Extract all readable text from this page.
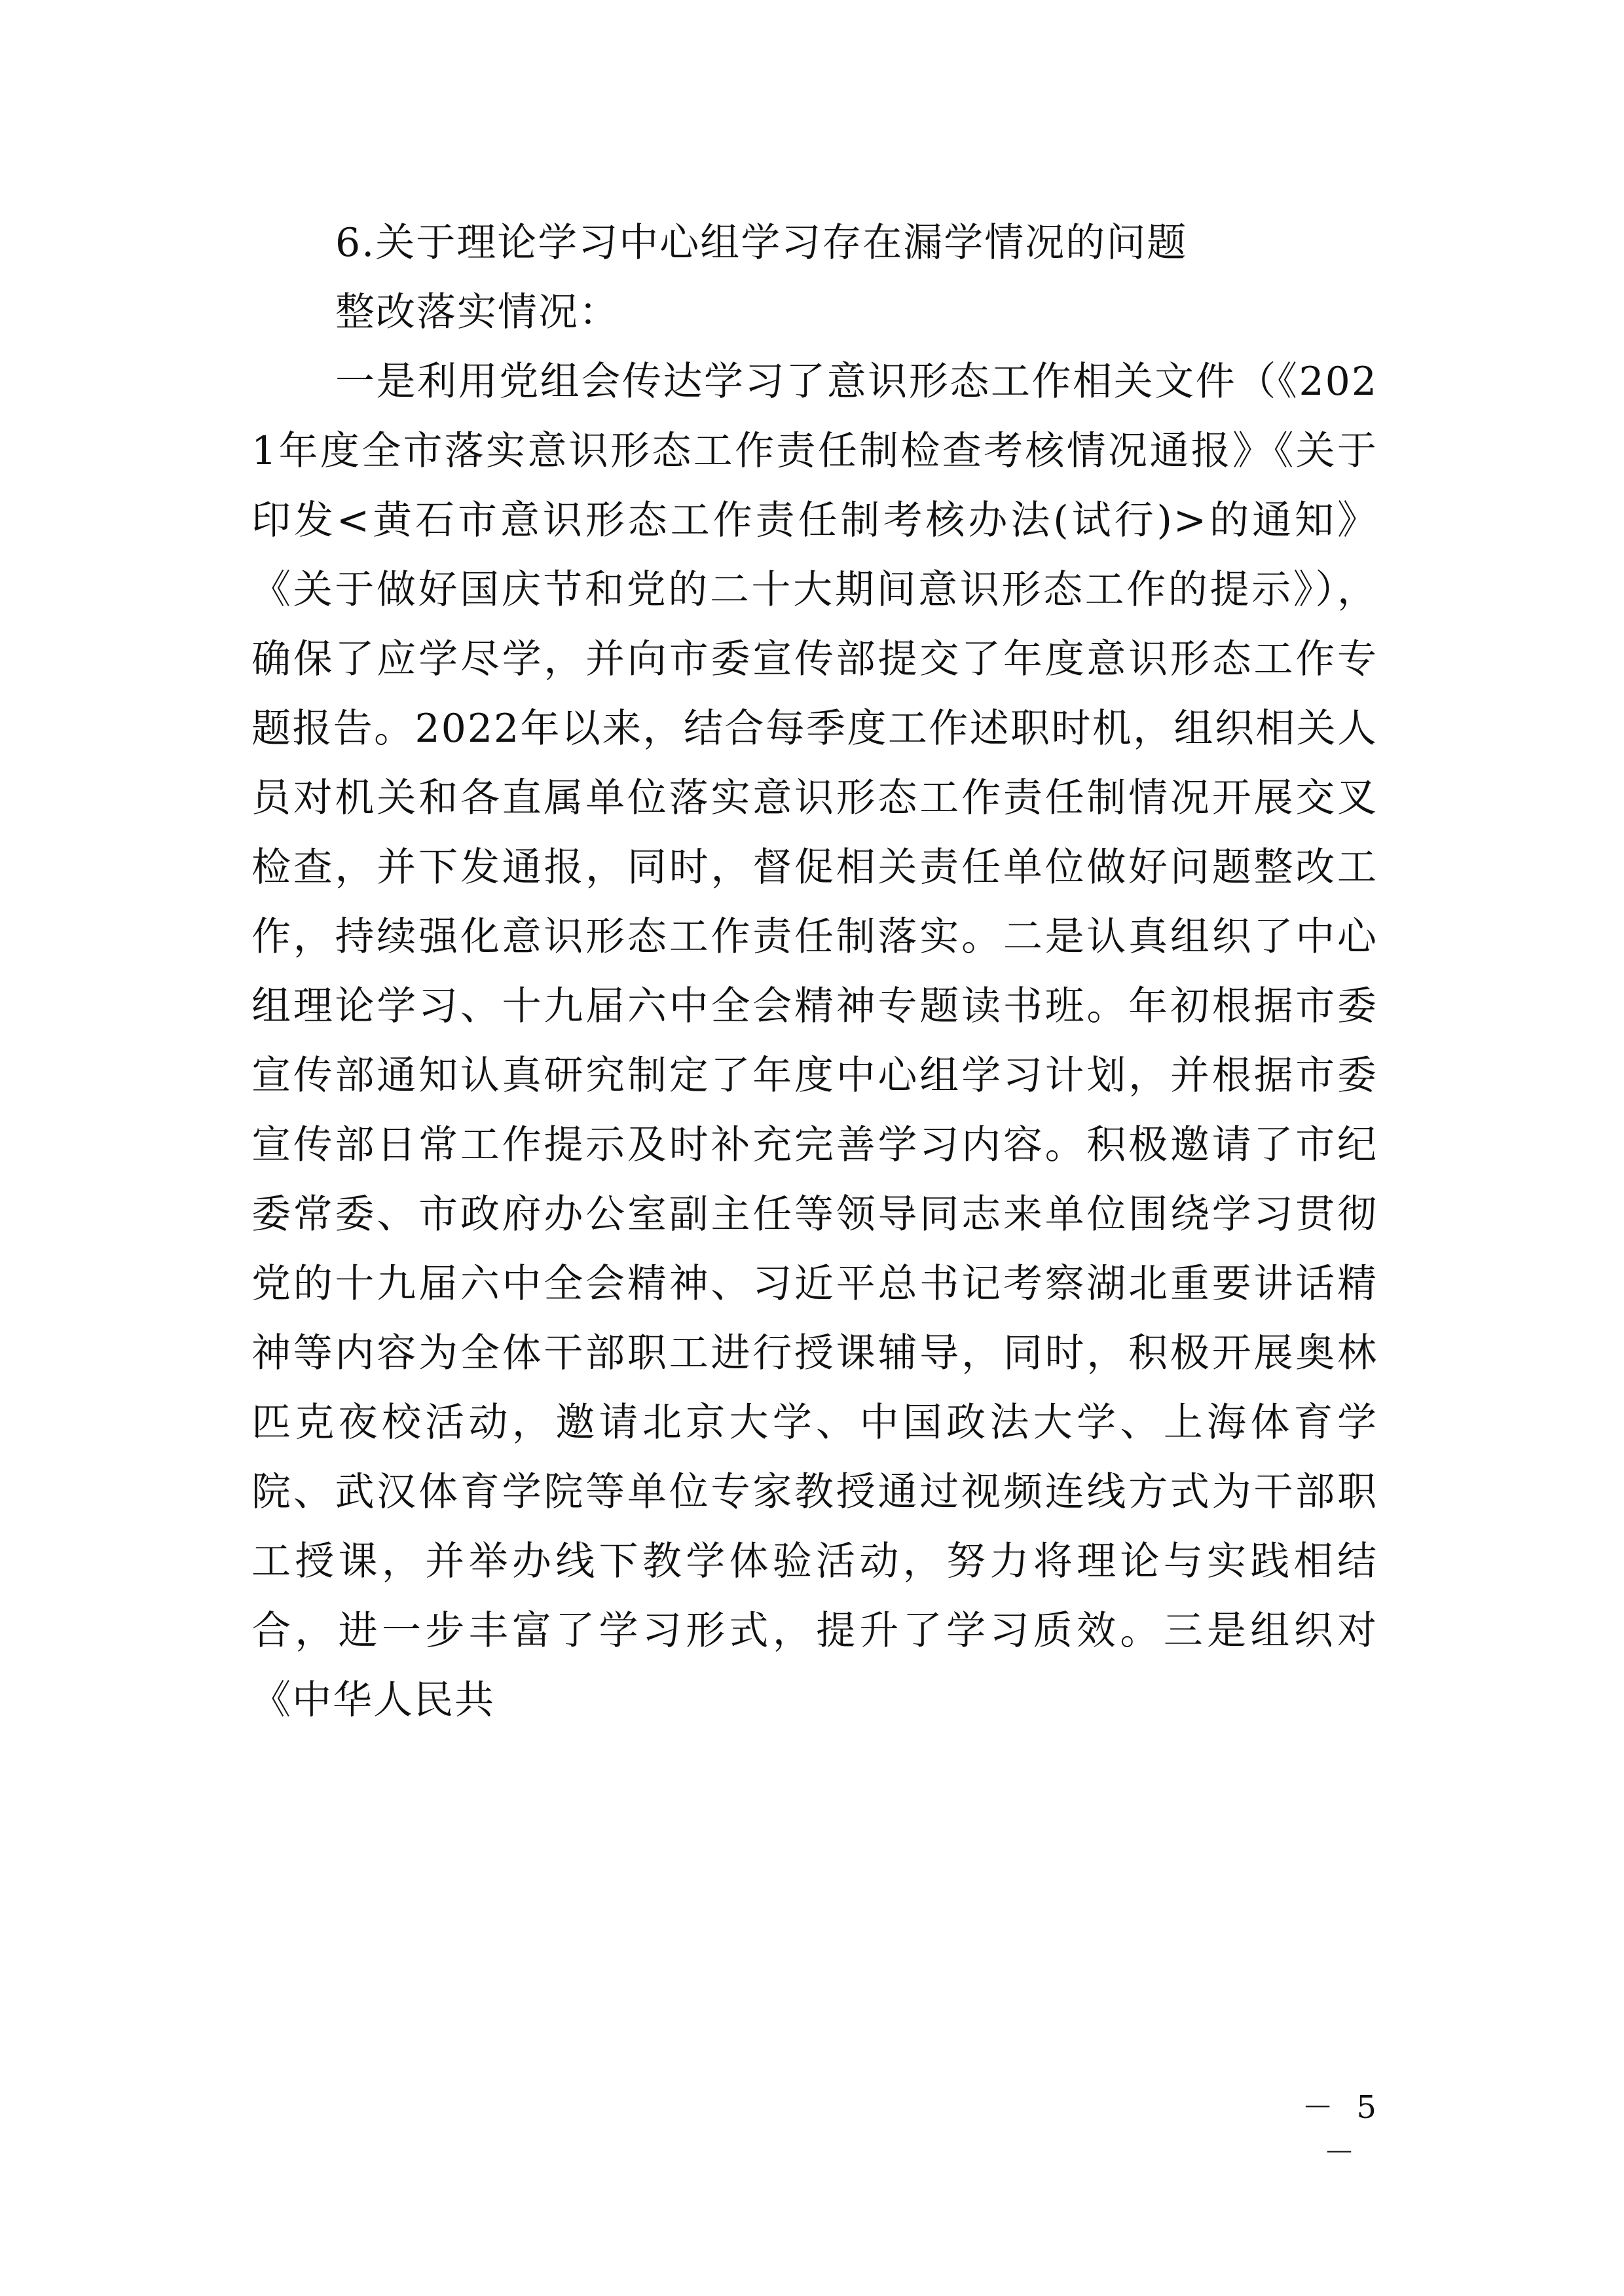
6.关于理论学习中心组学习存在漏学情况的问题

整改落实情况：

一是利用党组会传达学习了意识形态工作相关文件（《2021年度全市落实意识形态工作责任制检查考核情况通报》《关于印发<黄石市意识形态工作责任制考核办法(试行)>的通知》《关于做好国庆节和党的二十大期间意识形态工作的提示》），确保了应学尽学，并向市委宣传部提交了年度意识形态工作专题报告。2022年以来，结合每季度工作述职时机，组织相关人员对机关和各直属单位落实意识形态工作责任制情况开展交叉检查，并下发通报，同时，督促相关责任单位做好问题整改工作，持续强化意识形态工作责任制落实。二是认真组织了中心组理论学习、十九届六中全会精神专题读书班。年初根据市委宣传部通知认真研究制定了年度中心组学习计划，并根据市委宣传部日常工作提示及时补充完善学习内容。积极邀请了市纪委常委、市政府办公室副主任等领导同志来单位围绕学习贯彻党的十九届六中全会精神、习近平总书记考察湖北重要讲话精神等内容为全体干部职工进行授课辅导，同时，积极开展奥林匹克夜校活动，邀请北京大学、中国政法大学、上海体育学院、武汉体育学院等单位专家教授通过视频连线方式为干部职工授课，并举办线下教学体验活动，努力将理论与实践相结合，进一步丰富了学习形式，提升了学习质效。三是组织对《中华人民共

－ 5 －
